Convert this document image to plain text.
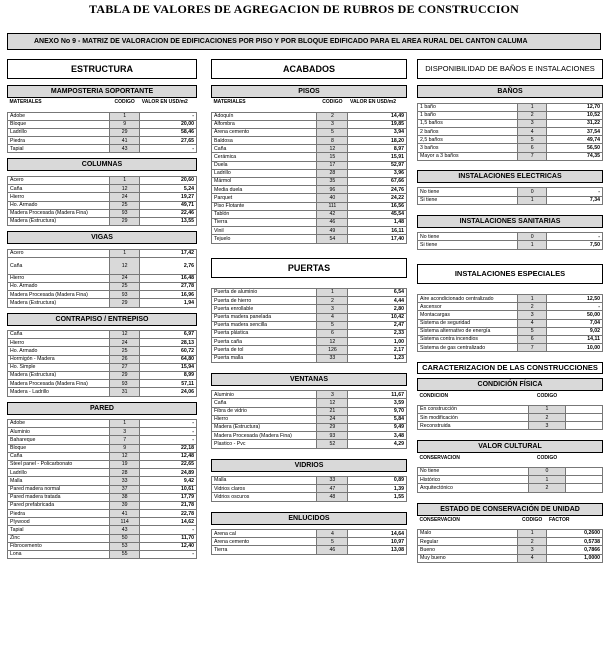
TABLA DE VALORES DE AGREGACION DE RUBROS DE CONSTRUCCION
ANEXO No 9 - MATRIZ DE VALORACION DE EDIFICACIONES POR PISO Y POR BLOQUE EDIFICADO PARA EL AREA RURAL DEL CANTON CALUMA
ESTRUCTURA
MAMPOSTERIA SOPORTANTE
MATERIALES	CODIGO	VALOR EN USD/m2

Adobe	1	-
Bloque	9	20,00
Ladrillo	29	58,46
Piedra	41	27,65
Tapial	43	-
COLUMNAS

Acero	1	20,60
Caña	12	5,24
Hierro	24	19,27
Ho. Armado	25	49,71
Madera Procesada (Madera Fina)	93	22,46
Madera (Estructura)	29	13,55
VIGAS

Acero	1	17,42
Caña	12	2,76
Hierro	24	16,48
Ho. Armado	25	27,78
Madera Procesada (Madera Fina)	93	16,96
Madera (Estructura)	29	1,94
CONTRAPISO / ENTREPISO

Caña	12	6,97
Hierro	24	28,13
Ho. Armado	25	60,72
Hormigón - Madera	26	64,80
Ho. Simple	27	15,94
Madera (Estructura)	29	8,99
Madera Procesada (Madera Fina)	93	57,11
Madera - Ladrillo	31	24,06
PARED

Adobe	1	-
Aluminio	3	-
Bahareque	7	-
Bloque	9	22,18
Caña	12	12,48
Steel panel - Policarbonato	19	22,65
Ladrillo	28	24,89
Malla	33	9,42
Pared madera normal	37	10,61
Pared madera tratada	38	17,79
Pared prefabricada	39	21,78
Piedra	41	22,78
Plywood	114	14,62
Tapial	43	-
Zinc	50	11,70
Fibrocemento	53	12,40
Lona	55	-
ACABADOS
PISOS
MATERIALES	CODIGO	VALOR EN USD/m2

Adoquín	2	14,49
Alfombra	3	19,85
Arena cemento	5	3,94
Baldosa	8	18,20
Caña	12	8,97
Cerámica	15	15,91
Duela	17	52,97
Ladrillo	28	3,96
Mármol	35	67,66
Media duela	96	24,76
Parquet	40	24,22
Piso Flotante	111	16,56
Tablón	42	45,54
Tierra	46	1,48
Vinil	49	16,11
Tejuelo	54	17,40
PUERTAS

Puerta de aluminio	1	6,54
Puerta de hierro	2	4,44
Puerta enrollable	3	2,80
Puerta madera panelada	4	10,42
Puerta madera sencilla	5	2,47
Puerta plástica	6	2,33
Puerta caña	12	1,00
Puerta de tol	126	2,17
Puerta malla	33	1,23
VENTANAS

Aluminio	3	11,67
Caña	12	3,59
Fibra de vidrio	21	9,70
Hierro	24	5,84
Madera (Estructura)	29	9,49
Madera Procesada (Madera Fina)	93	3,48
Plastico - Pvc	52	4,29
VIDRIOS

Malla	33	0,89
Vidrios claros	47	1,39
Vidrios oscuros	48	1,55
ENLUCIDOS

Arena cal	4	14,64
Arena cemento	5	10,97
Tierra	46	13,08
DISPONIBILIDAD DE BAÑOS E INSTALACIONES
BAÑOS

1 baño	1	12,70
1 baño	2	10,52
1,5 baños	3	31,22
2 baños	4	37,54
2,5 baños	5	49,74
3 baños	6	56,50
Mayor a 3 baños	7	74,35
INSTALACIONES ELECTRICAS

No tiene	0	-
Si tiene	1	7,34
INSTALACIONES SANITARIAS

No tiene	0	-
Si tiene	1	7,50
INSTALACIONES ESPECIALES

Aire acondicionado centralizado	1	12,50
Ascensor	2	-
Montacargas	3	50,00
Sistema de seguridad	4	7,04
Sistema alternativo de energía	5	9,02
Sistema contra incendios	6	14,11
Sistema de gas centralizado	7	10,00
CARACTERIZACION DE LAS CONSTRUCCIONES
CONDICIÓN FÍSICA
CONDICION	CODIGO	

En construcción	1	
Sin modificación	2	
Reconstruida	3	
VALOR CULTURAL
CONSERVACION	CODIGO	

No tiene	0	
Histórico	1	
Arquitectónico	2	
ESTADO DE CONSERVACIÓN DE UNIDAD
CONSERVACION	CODIGO	FACTOR

Malo	1	0,2600
Regular	2	0,5738
Bueno	3	0,7866
Muy bueno	4	1,0000
